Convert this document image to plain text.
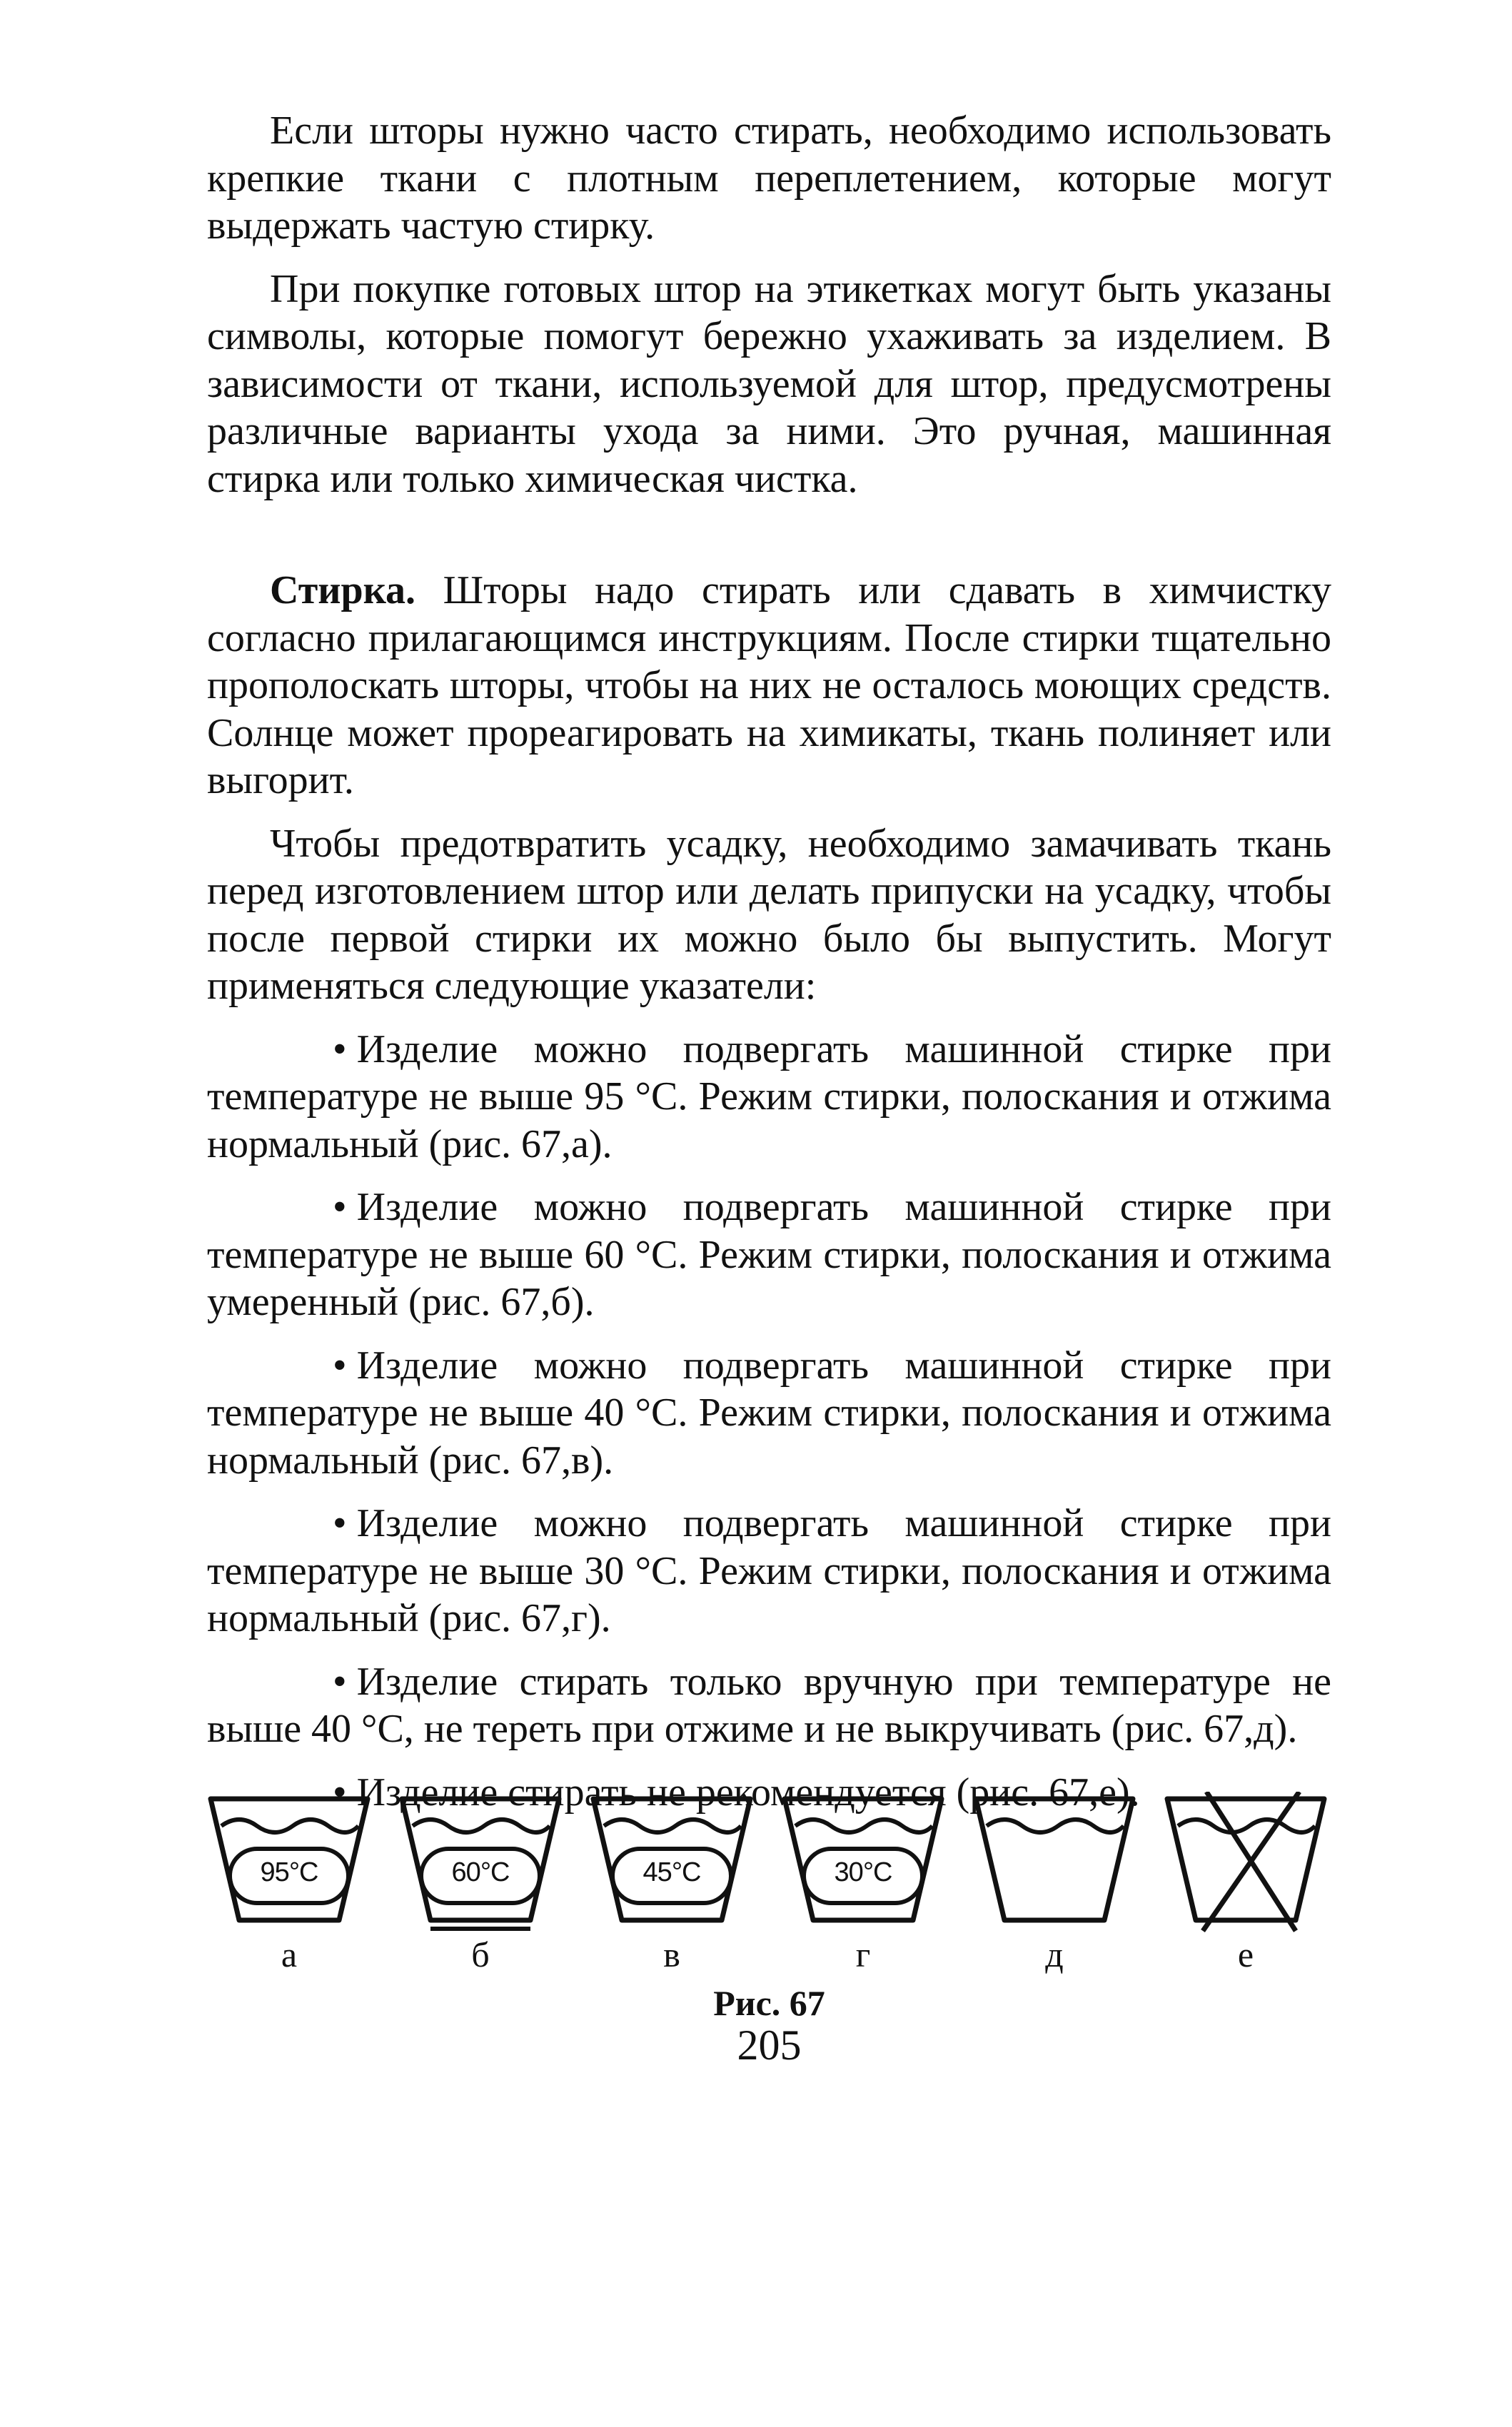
Если шторы нужно часто стирать, необходимо использовать крепкие ткани с плотным переплетением, которые могут выдержать частую стирку.

При покупке готовых штор на этикетках могут быть указаны символы, которые помогут бережно ухаживать за изделием. В зависимости от ткани, используемой для штор, предусмотрены различные варианты ухода за ними. Это ручная, машинная стирка или только химическая чистка.

Стирка. Шторы надо стирать или сдавать в химчистку согласно прилагающимся инструкциям. После стирки тщательно прополоскать шторы, чтобы на них не осталось моющих средств. Солнце может прореагировать на химикаты, ткань полиняет или выгорит.

Чтобы предотвратить усадку, необходимо замачивать ткань перед изготовлением штор или делать припуски на усадку, чтобы после первой стирки их можно было бы выпустить. Могут применяться следующие указатели:

• Изделие можно подвергать машинной стирке при температуре не выше 95 °С. Режим стирки, полоскания и отжима нормальный (рис. 67,а).

• Изделие можно подвергать машинной стирке при температуре не выше 60 °С. Режим стирки, полоскания и отжима умеренный (рис. 67,б).

• Изделие можно подвергать машинной стирке при температуре не выше 40 °С. Режим стирки, полоскания и отжима нормальный (рис. 67,в).

• Изделие можно подвергать машинной стирке при температуре не выше 30 °С. Режим стирки, полоскания и отжима нормальный (рис. 67,г).

• Изделие стирать только вручную при температуре не выше 40 °С, не тереть при отжиме и не выкручивать (рис. 67,д).

• Изделие стирать не рекомендуется (рис. 67,е).

95°C	60°C	45°C	30°C
а	б	в	г	д	е
Рис. 67
205
